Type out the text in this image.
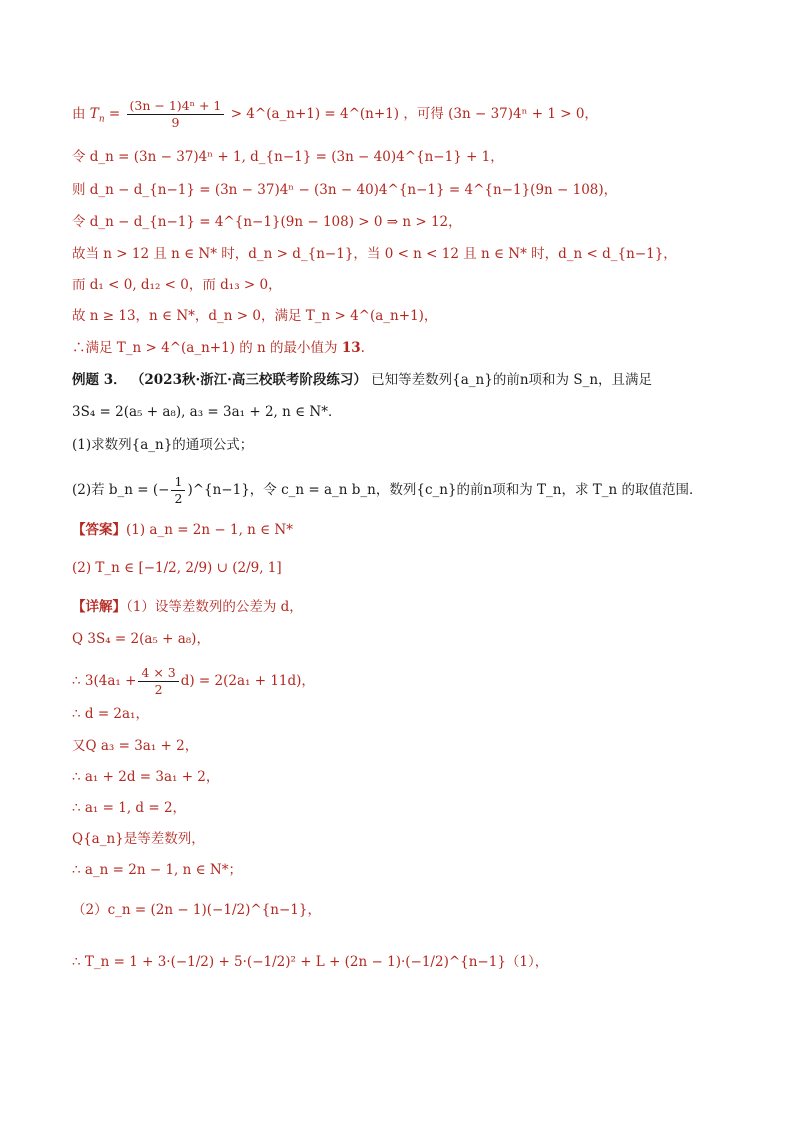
由 $T_n = \frac{\text{(3n − 1)4ⁿ + 1}}{9}$ > 4^(a_n+1) = 4^(n+1) ，可得 (3n − 37)4ⁿ + 1 > 0，
令 d_n = (3n − 37)4ⁿ + 1, d_{n−1} = (3n − 40)4^{n−1} + 1，
则 d_n − d_{n−1} = (3n − 37)4ⁿ − (3n − 40)4^{n−1} = 4^{n−1}(9n − 108)，
令 d_n − d_{n−1} = 4^{n−1}(9n − 108) > 0 ⇒ n > 12，
故当 n > 12 且 n ∈ N* 时，d_n > d_{n−1}，当 0 < n < 12 且 n ∈ N* 时，d_n < d_{n−1}，
而 d₁ < 0, d₁₂ < 0，而 d₁₃ > 0，
故 n ≥ 13，n ∈ N*，d_n > 0，满足 T_n > 4^(a_n+1)，
∴满足 T_n > 4^(a_n+1) 的 n 的最小值为 13.
例题 3． （2023秋·浙江·高三校联考阶段练习） 已知等差数列{a_n}的前n项和为 S_n，且满足
3S₄ = 2(a₅ + a₈), a₃ = 3a₁ + 2, n ∈ N*．
(1)求数列{a_n}的通项公式；
(2)若 b_n = (− $\frac{1}{2}$ )^{n−1}，令 c_n = a_n b_n，数列{c_n}的前n项和为 T_n，求 T_n 的取值范围．
【答案】(1) a_n = 2n − 1, n ∈ N*
(2) T_n ∈ [−1/2, 2/9) ∪ (2/9, 1]
【详解】（1）设等差数列的公差为 d，
Q 3S₄ = 2(a₅ + a₈)，
∴ $3(4a_1 + \frac{4 \times 3}{2} d) = 2(2a_1 + 11d)$，
∴ d = 2a₁，
又Q a₃ = 3a₁ + 2，
∴ a₁ + 2d = 3a₁ + 2，
∴ a₁ = 1, d = 2，
Q{a_n}是等差数列，
∴ a_n = 2n − 1, n ∈ N*；
（2）c_n = (2n − 1)(−1/2)^{n−1}，
∴ T_n = 1 + 3·(−1/2) + 5·(−1/2)² + L + (2n − 1)·(−1/2)^{n−1}（1），
